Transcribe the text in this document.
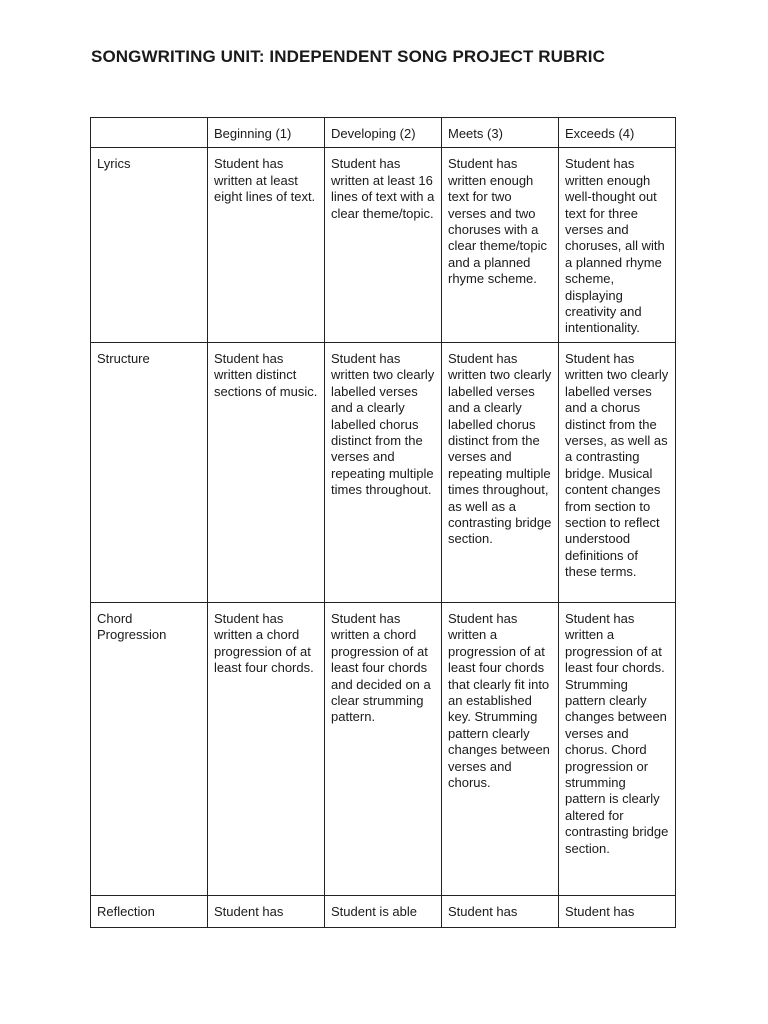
SONGWRITING UNIT: INDEPENDENT SONG PROJECT RUBRIC
	Beginning (1)	Developing (2)	Meets (3)	Exceeds (4)
Lyrics	Student has written at least eight lines of text.	Student has written at least 16 lines of text with a clear theme/topic.	Student has written enough text for two verses and two choruses with a clear theme/topic and a planned rhyme scheme.	Student has written enough well-thought out text for three verses and choruses, all with a planned rhyme scheme, displaying creativity and intentionality.
Structure	Student has written distinct sections of music.	Student has written two clearly labelled verses and a clearly labelled chorus distinct from the verses and repeating multiple times throughout.	Student has written two clearly labelled verses and a clearly labelled chorus distinct from the verses and repeating multiple times throughout, as well as a contrasting bridge section.	Student has written two clearly labelled verses and a chorus distinct from the verses, as well as a contrasting bridge. Musical content changes from section to section to reflect understood definitions of these terms.
Chord Progression	Student has written a chord progression of at least four chords.	Student has written a chord progression of at least four chords and decided on a clear strumming pattern.	Student has written a progression of at least four chords that clearly fit into an established key. Strumming pattern clearly changes between verses and chorus.	Student has written a progression of at least four chords. Strumming pattern clearly changes between verses and chorus. Chord progression or strumming pattern is clearly altered for contrasting bridge section.
Reflection	Student has	Student is able	Student has	Student has
